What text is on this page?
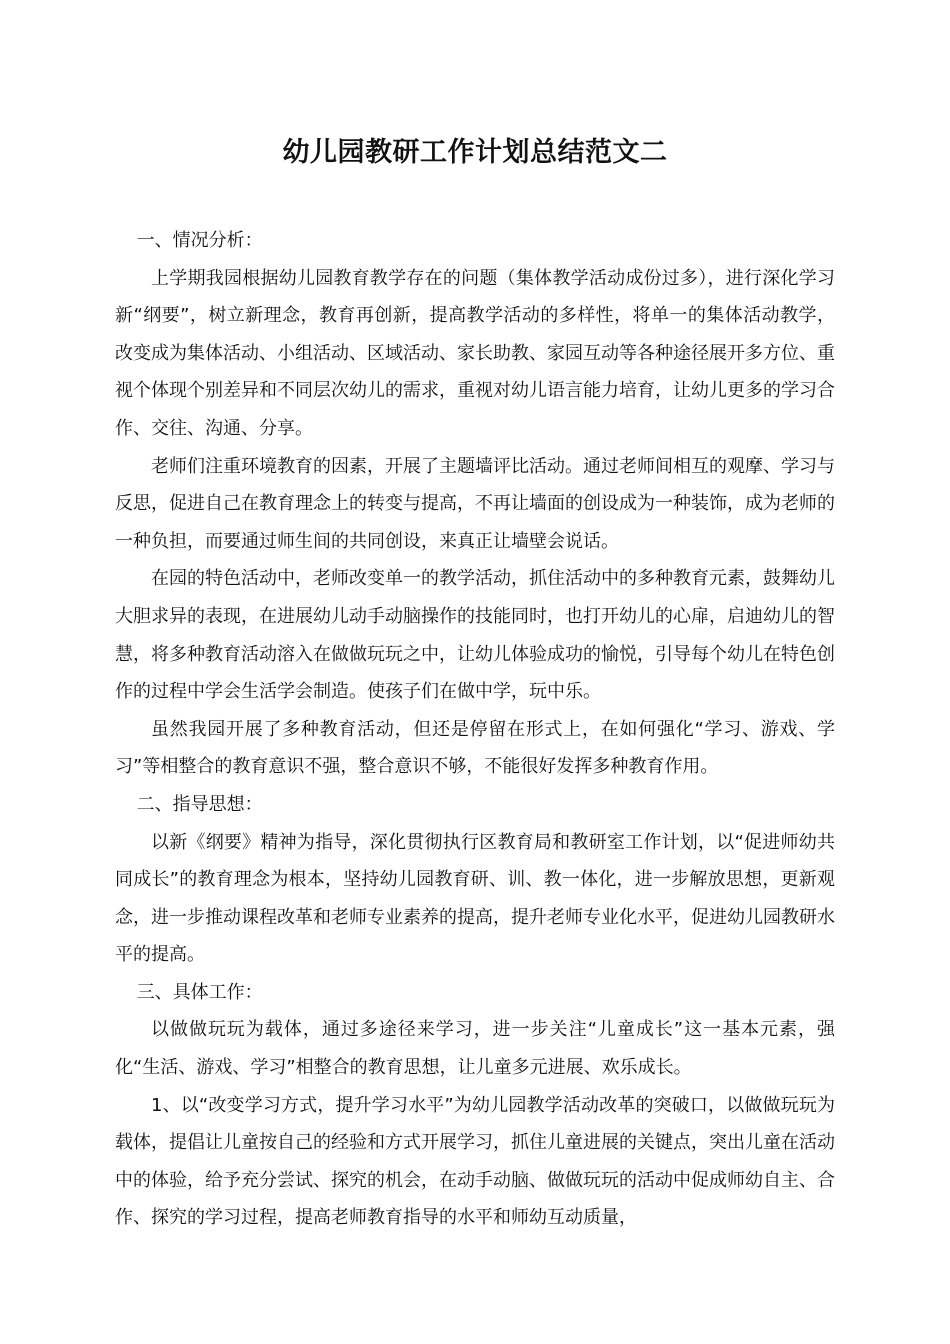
幼儿园教研工作计划总结范文二

一、情况分析：

上学期我园根据幼儿园教育教学存在的问题（集体教学活动成份过多），进行深化学习新“纲要”，树立新理念，教育再创新，提高教学活动的多样性，将单一的集体活动教学，改变成为集体活动、小组活动、区域活动、家长助教、家园互动等各种途径展开多方位、重视个体现个别差异和不同层次幼儿的需求，重视对幼儿语言能力培育，让幼儿更多的学习合作、交往、沟通、分享。

老师们注重环境教育的因素，开展了主题墙评比活动。通过老师间相互的观摩、学习与反思，促进自己在教育理念上的转变与提高，不再让墙面的创设成为一种装饰，成为老师的一种负担，而要通过师生间的共同创设，来真正让墙壁会说话。

在园的特色活动中，老师改变单一的教学活动，抓住活动中的多种教育元素，鼓舞幼儿大胆求异的表现，在进展幼儿动手动脑操作的技能同时，也打开幼儿的心扉，启迪幼儿的智慧，将多种教育活动溶入在做做玩玩之中，让幼儿体验成功的愉悦，引导每个幼儿在特色创作的过程中学会生活学会制造。使孩子们在做中学，玩中乐。

虽然我园开展了多种教育活动，但还是停留在形式上，在如何强化“学习、游戏、学习”等相整合的教育意识不强，整合意识不够，不能很好发挥多种教育作用。

二、指导思想：

以新《纲要》精神为指导，深化贯彻执行区教育局和教研室工作计划，以“促进师幼共同成长”的教育理念为根本，坚持幼儿园教育研、训、教一体化，进一步解放思想，更新观念，进一步推动课程改革和老师专业素养的提高，提升老师专业化水平，促进幼儿园教研水平的提高。

三、具体工作：

以做做玩玩为载体，通过多途径来学习，进一步关注“儿童成长”这一基本元素，强化“生活、游戏、学习”相整合的教育思想，让儿童多元进展、欢乐成长。

1、以“改变学习方式，提升学习水平”为幼儿园教学活动改革的突破口，以做做玩玩为载体，提倡让儿童按自己的经验和方式开展学习，抓住儿童进展的关键点，突出儿童在活动中的体验，给予充分尝试、探究的机会，在动手动脑、做做玩玩的活动中促成师幼自主、合作、探究的学习过程，提高老师教育指导的水平和师幼互动质量，
